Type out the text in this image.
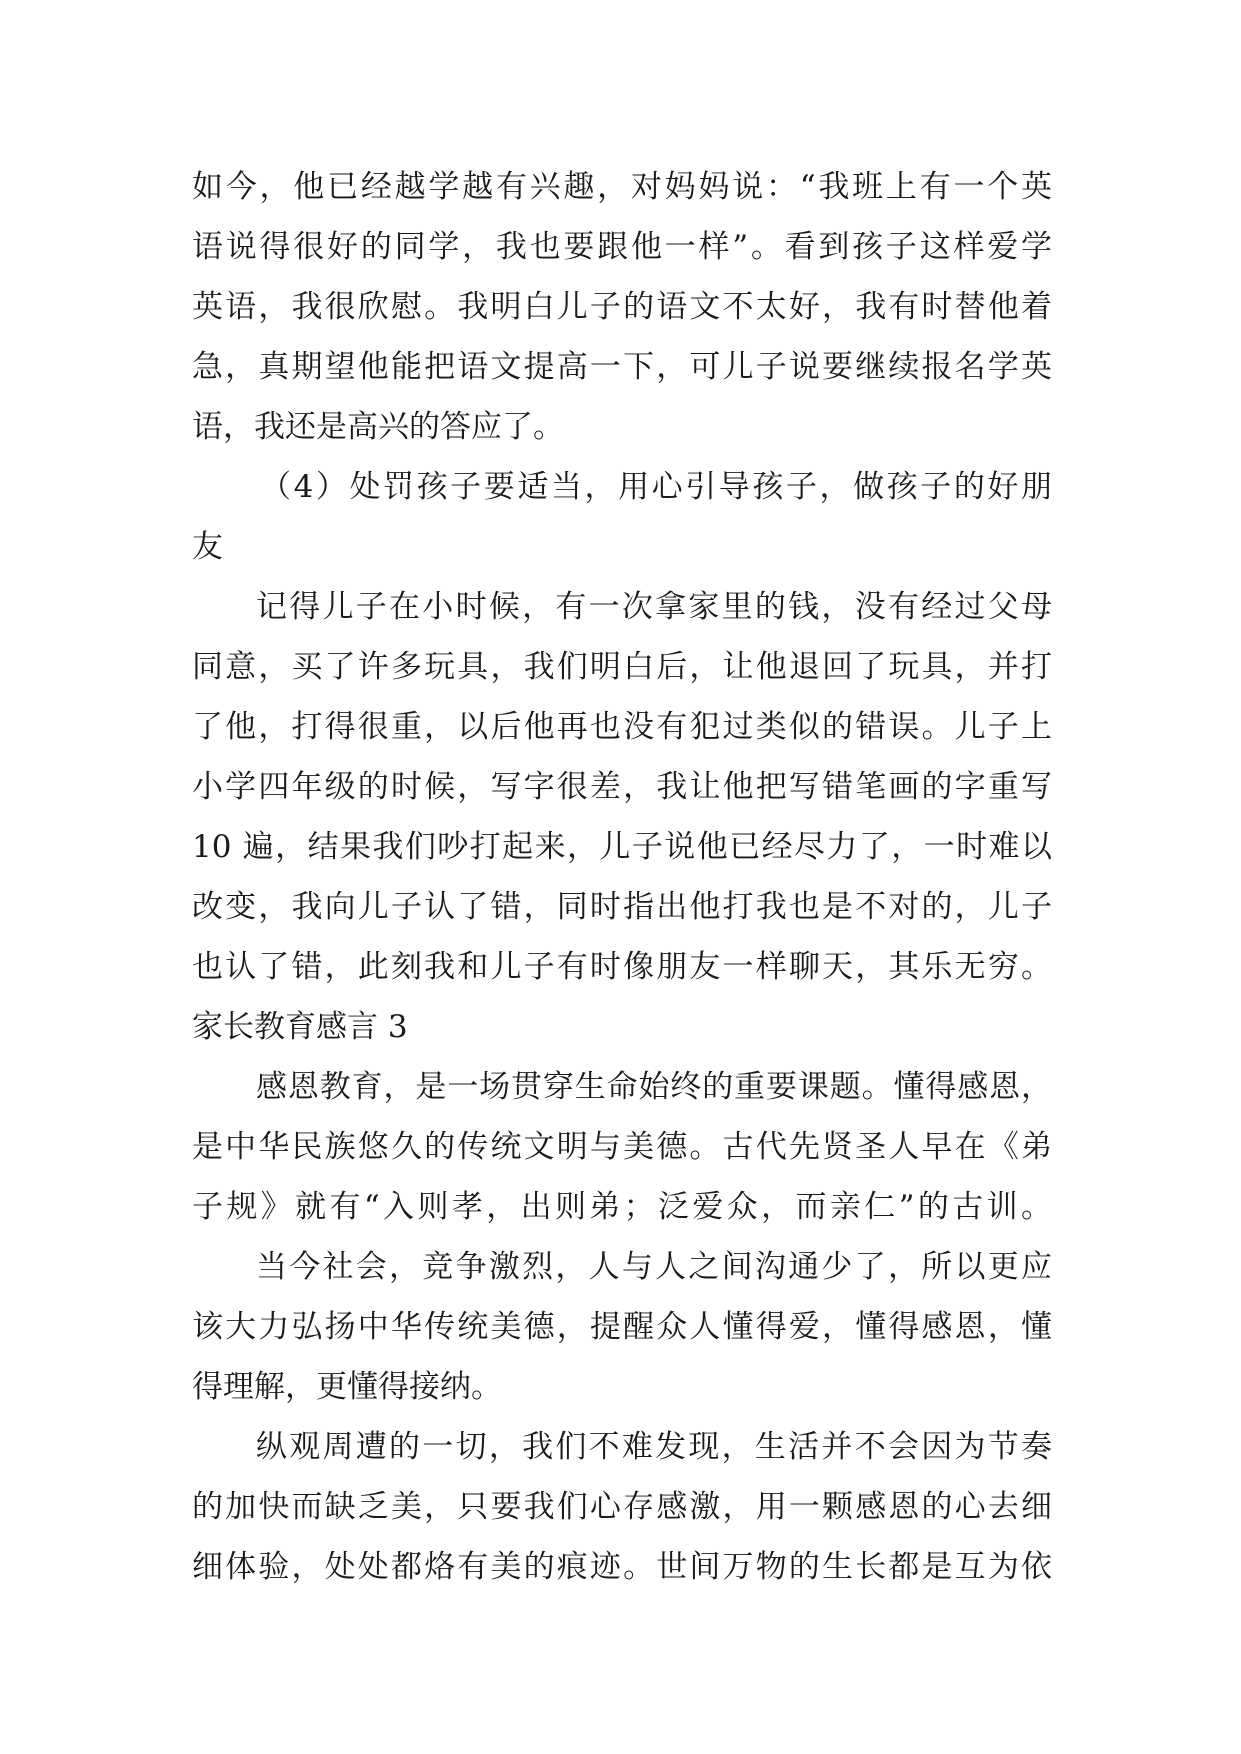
如今，他已经越学越有兴趣，对妈妈说：“我班上有一个英

语说得很好的同学，我也要跟他一样”。看到孩子这样爱学

英语，我很欣慰。我明白儿子的语文不太好，我有时替他着

急，真期望他能把语文提高一下，可儿子说要继续报名学英

语，我还是高兴的答应了。

（4）处罚孩子要适当，用心引导孩子，做孩子的好朋

友

记得儿子在小时候，有一次拿家里的钱，没有经过父母

同意，买了许多玩具，我们明白后，让他退回了玩具，并打

了他，打得很重，以后他再也没有犯过类似的错误。儿子上

小学四年级的时候，写字很差，我让他把写错笔画的字重写

10 遍，结果我们吵打起来，儿子说他已经尽力了，一时难以

改变，我向儿子认了错，同时指出他打我也是不对的，儿子

也认了错，此刻我和儿子有时像朋友一样聊天，其乐无穷。

家长教育感言 3

感恩教育，是一场贯穿生命始终的重要课题。懂得感恩，

是中华民族悠久的传统文明与美德。古代先贤圣人早在《弟

子规》就有“入则孝，出则弟；泛爱众，而亲仁”的古训。

当今社会，竞争激烈，人与人之间沟通少了，所以更应

该大力弘扬中华传统美德，提醒众人懂得爱，懂得感恩，懂

得理解，更懂得接纳。

纵观周遭的一切，我们不难发现，生活并不会因为节奏

的加快而缺乏美，只要我们心存感激，用一颗感恩的心去细

细体验，处处都烙有美的痕迹。世间万物的生长都是互为依
